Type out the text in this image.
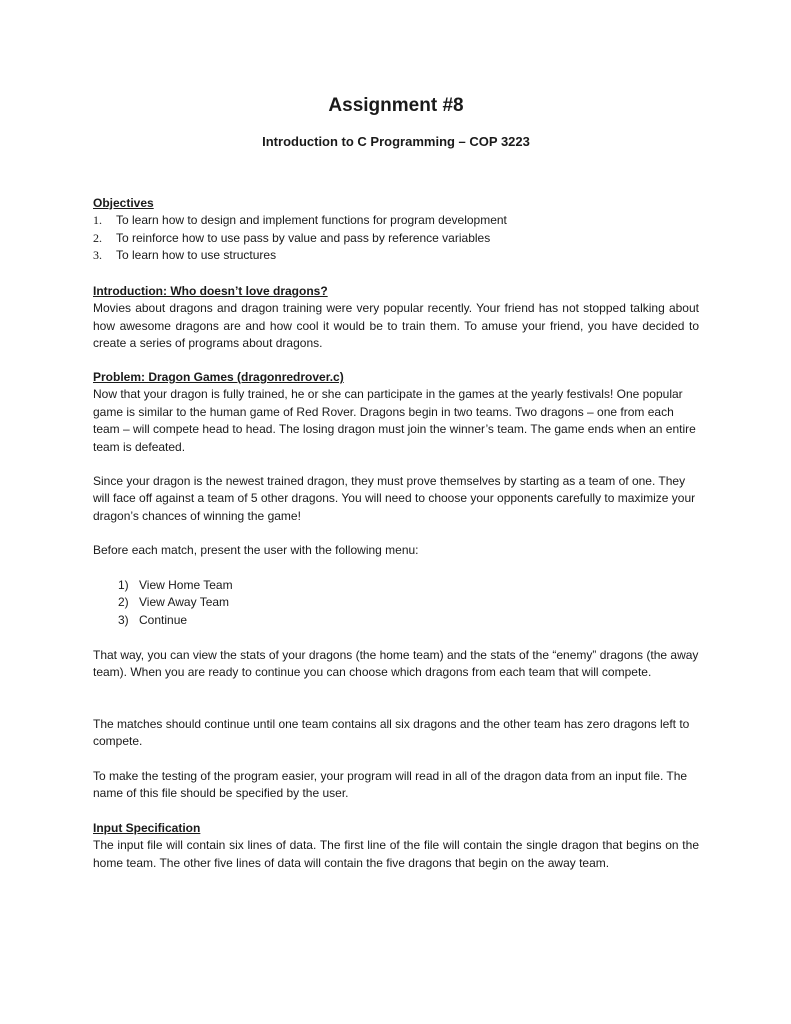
Assignment #8
Introduction to C Programming – COP 3223

Objectives

1. To learn how to design and implement functions for program development
2. To reinforce how to use pass by value and pass by reference variables
3. To learn how to use structures

Introduction: Who doesn’t love dragons?

Movies about dragons and dragon training were very popular recently. Your friend has not stopped talking about how awesome dragons are and how cool it would be to train them. To amuse your friend, you have decided to create a series of programs about dragons.

Problem: Dragon Games (dragonredrover.c)

Now that your dragon is fully trained, he or she can participate in the games at the yearly festivals! One popular game is similar to the human game of Red Rover. Dragons begin in two teams. Two dragons – one from each team – will compete head to head. The losing dragon must join the winner’s team. The game ends when an entire team is defeated.

Since your dragon is the newest trained dragon, they must prove themselves by starting as a team of one. They will face off against a team of 5 other dragons. You will need to choose your opponents carefully to maximize your dragon’s chances of winning the game!

Before each match, present the user with the following menu:

1) View Home Team
2) View Away Team
3) Continue

That way, you can view the stats of your dragons (the home team) and the stats of the “enemy” dragons (the away team). When you are ready to continue you can choose which dragons from each team that will compete.

The matches should continue until one team contains all six dragons and the other team has zero dragons left to compete.

To make the testing of the program easier, your program will read in all of the dragon data from an input file. The name of this file should be specified by the user.

Input Specification

The input file will contain six lines of data. The first line of the file will contain the single dragon that begins on the home team. The other five lines of data will contain the five dragons that begin on the away team.
